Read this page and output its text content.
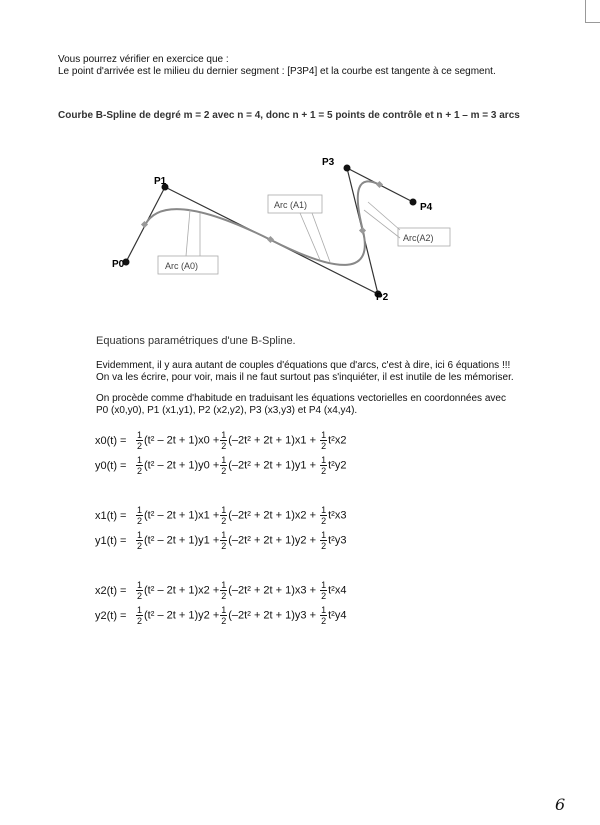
Vous pourrez vérifier en exercice que :
Le point d'arrivée est le milieu du dernier segment : [P3P4] et la courbe est tangente à ce segment.
Courbe B-Spline de degré m = 2 avec n = 4, donc n + 1 = 5 points de contrôle et n + 1 – m = 3 arcs
P0
P1
P2
P3
P4
Arc (A0)
Arc (A1)
Arc(A2)
Equations paramétriques d'une B-Spline.
Evidemment, il y aura autant de couples d'équations que d'arcs, c'est à dire, ici 6 équations !!!
On va les écrire, pour voir, mais il ne faut surtout pas s'inquiéter, il est inutile de les mémoriser.
On procède comme d'habitude en traduisant les équations vectorielles en coordonnées avec
P0 (x0,y0), P1 (x1,y1), P2 (x2,y2), P3 (x3,y3) et P4 (x4,y4).
$x0(t) = \frac{1}{2} (t^2 - 2t + 1)x0 + \frac{1}{2} (-2t^2 + 2t + 1)x1 + \frac{1}{2} t^2x2$
$y0(t) = \frac{1}{2} (t^2 - 2t + 1)y0 + \frac{1}{2} (-2t^2 + 2t + 1)y1 + \frac{1}{2} t^2y2$
$x1(t) = \frac{1}{2} (t^2 - 2t + 1)x1 + \frac{1}{2} (-2t^2 + 2t + 1)x2 + \frac{1}{2} t^2x3$
$y1(t) = \frac{1}{2} (t^2 - 2t + 1)y1 + \frac{1}{2} (-2t^2 + 2t + 1)y2 + \frac{1}{2} t^2y3$
$x2(t) = \frac{1}{2} (t^2 - 2t + 1)x2 + \frac{1}{2} (-2t^2 + 2t + 1)x3 + \frac{1}{2} t^2x4$
$y2(t) = \frac{1}{2} (t^2 - 2t + 1)y2 + \frac{1}{2} (-2t^2 + 2t + 1)y3 + \frac{1}{2} t^2y4$
6
